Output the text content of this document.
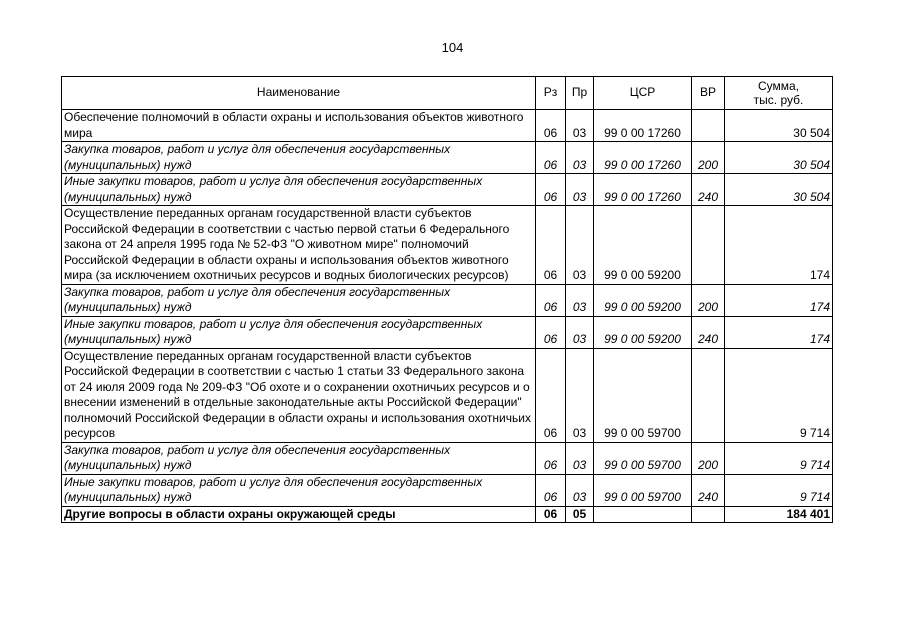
104
Наименование	Рз	Пр	ЦСР	ВР	Сумма,
тыс. руб.
Обеспечение полномочий в области охраны и использования объектов животного мира	06	03	99 0 00 17260		30 504
Закупка товаров, работ и услуг для обеспечения государственных (муниципальных) нужд	06	03	99 0 00 17260	200	30 504
Иные закупки товаров, работ и услуг для обеспечения государственных (муниципальных) нужд	06	03	99 0 00 17260	240	30 504
Осуществление переданных органам государственной власти субъектов Российской Федерации в соответствии с частью первой статьи 6 Федерального закона от 24 апреля 1995 года № 52-ФЗ "О животном мире" полномочий Российской Федерации в области охраны и использования объектов животного мира (за исключением охотничьих ресурсов и водных биологических ресурсов)	06	03	99 0 00 59200		174
Закупка товаров, работ и услуг для обеспечения государственных (муниципальных) нужд	06	03	99 0 00 59200	200	174
Иные закупки товаров, работ и услуг для обеспечения государственных (муниципальных) нужд	06	03	99 0 00 59200	240	174
Осуществление переданных органам государственной власти субъектов Российской Федерации в соответствии с частью 1 статьи 33 Федерального закона от 24 июля 2009 года № 209-ФЗ "Об охоте и о сохранении охотничьих ресурсов и о внесении изменений в отдельные законодательные акты Российской Федерации" полномочий Российской Федерации в области охраны и использования охотничьих ресурсов	06	03	99 0 00 59700		9 714
Закупка товаров, работ и услуг для обеспечения государственных (муниципальных) нужд	06	03	99 0 00 59700	200	9 714
Иные закупки товаров, работ и услуг для обеспечения государственных (муниципальных) нужд	06	03	99 0 00 59700	240	9 714
Другие вопросы в области охраны окружающей среды	06	05			184 401
